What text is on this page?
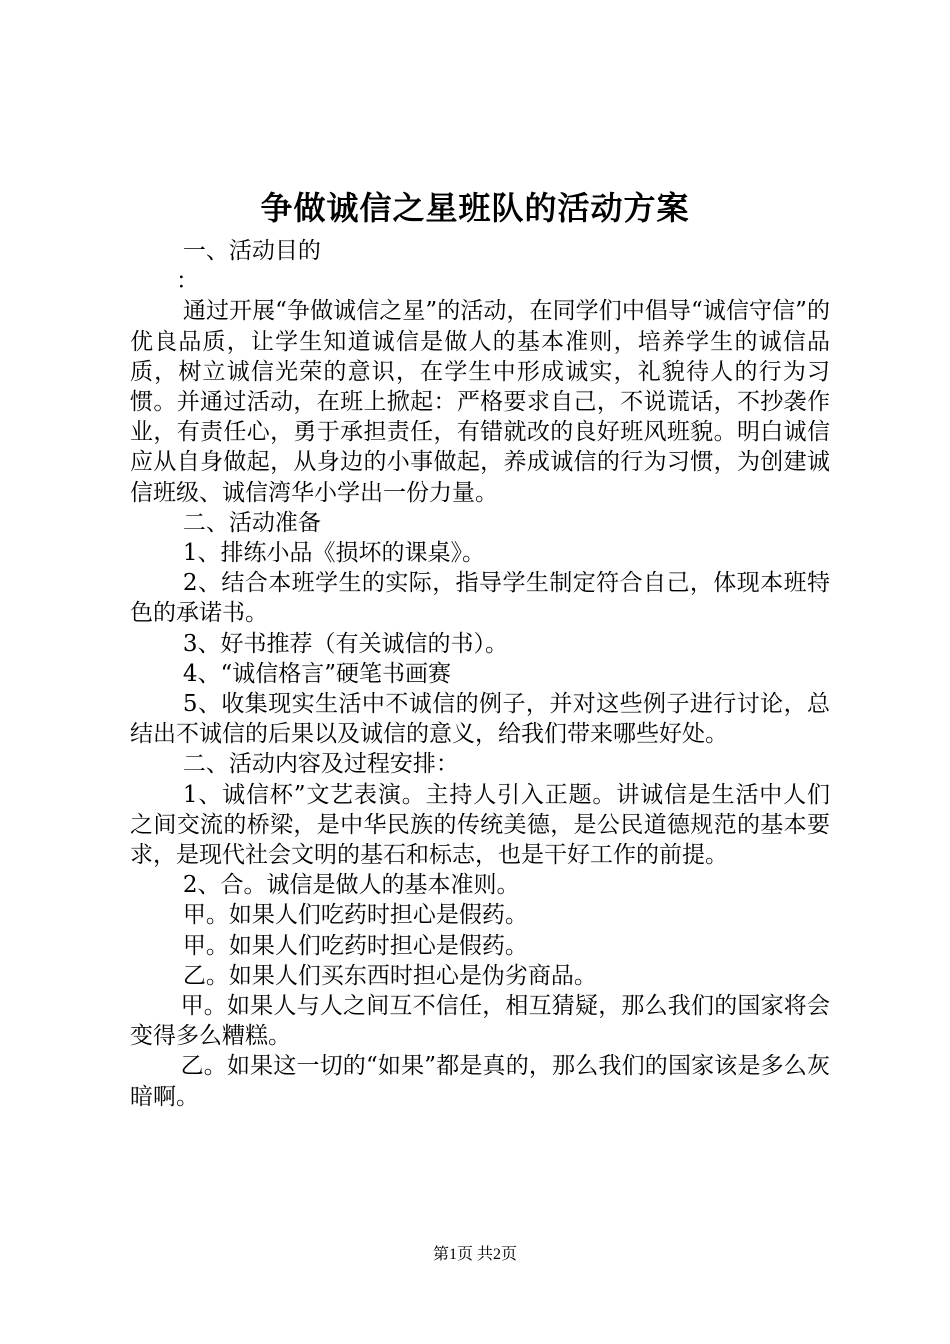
争做诚信之星班队的活动方案

一、活动目的

：

通过开展“争做诚信之星”的活动，在同学们中倡导“诚信守信”的优良品质，让学生知道诚信是做人的基本准则，培养学生的诚信品质，树立诚信光荣的意识，在学生中形成诚实，礼貌待人的行为习惯。并通过活动，在班上掀起：严格要求自己，不说谎话，不抄袭作业，有责任心，勇于承担责任，有错就改的良好班风班貌。明白诚信应从自身做起，从身边的小事做起，养成诚信的行为习惯，为创建诚信班级、诚信湾华小学出一份力量。

二、活动准备

1、排练小品《损坏的课桌》。

2、结合本班学生的实际，指导学生制定符合自己，体现本班特色的承诺书。

3、好书推荐（有关诚信的书）。

4、“诚信格言”硬笔书画赛

5、收集现实生活中不诚信的例子，并对这些例子进行讨论，总结出不诚信的后果以及诚信的意义，给我们带来哪些好处。

二、活动内容及过程安排：

1、诚信杯”文艺表演。主持人引入正题。讲诚信是生活中人们之间交流的桥梁，是中华民族的传统美德，是公民道德规范的基本要求，是现代社会文明的基石和标志，也是干好工作的前提。

2、合。诚信是做人的基本准则。

甲。如果人们吃药时担心是假药。

甲。如果人们吃药时担心是假药。

乙。如果人们买东西时担心是伪劣商品。

甲。如果人与人之间互不信任，相互猜疑，那么我们的国家将会变得多么糟糕。

乙。如果这一切的“如果”都是真的，那么我们的国家该是多么灰暗啊。

第1页 共2页
